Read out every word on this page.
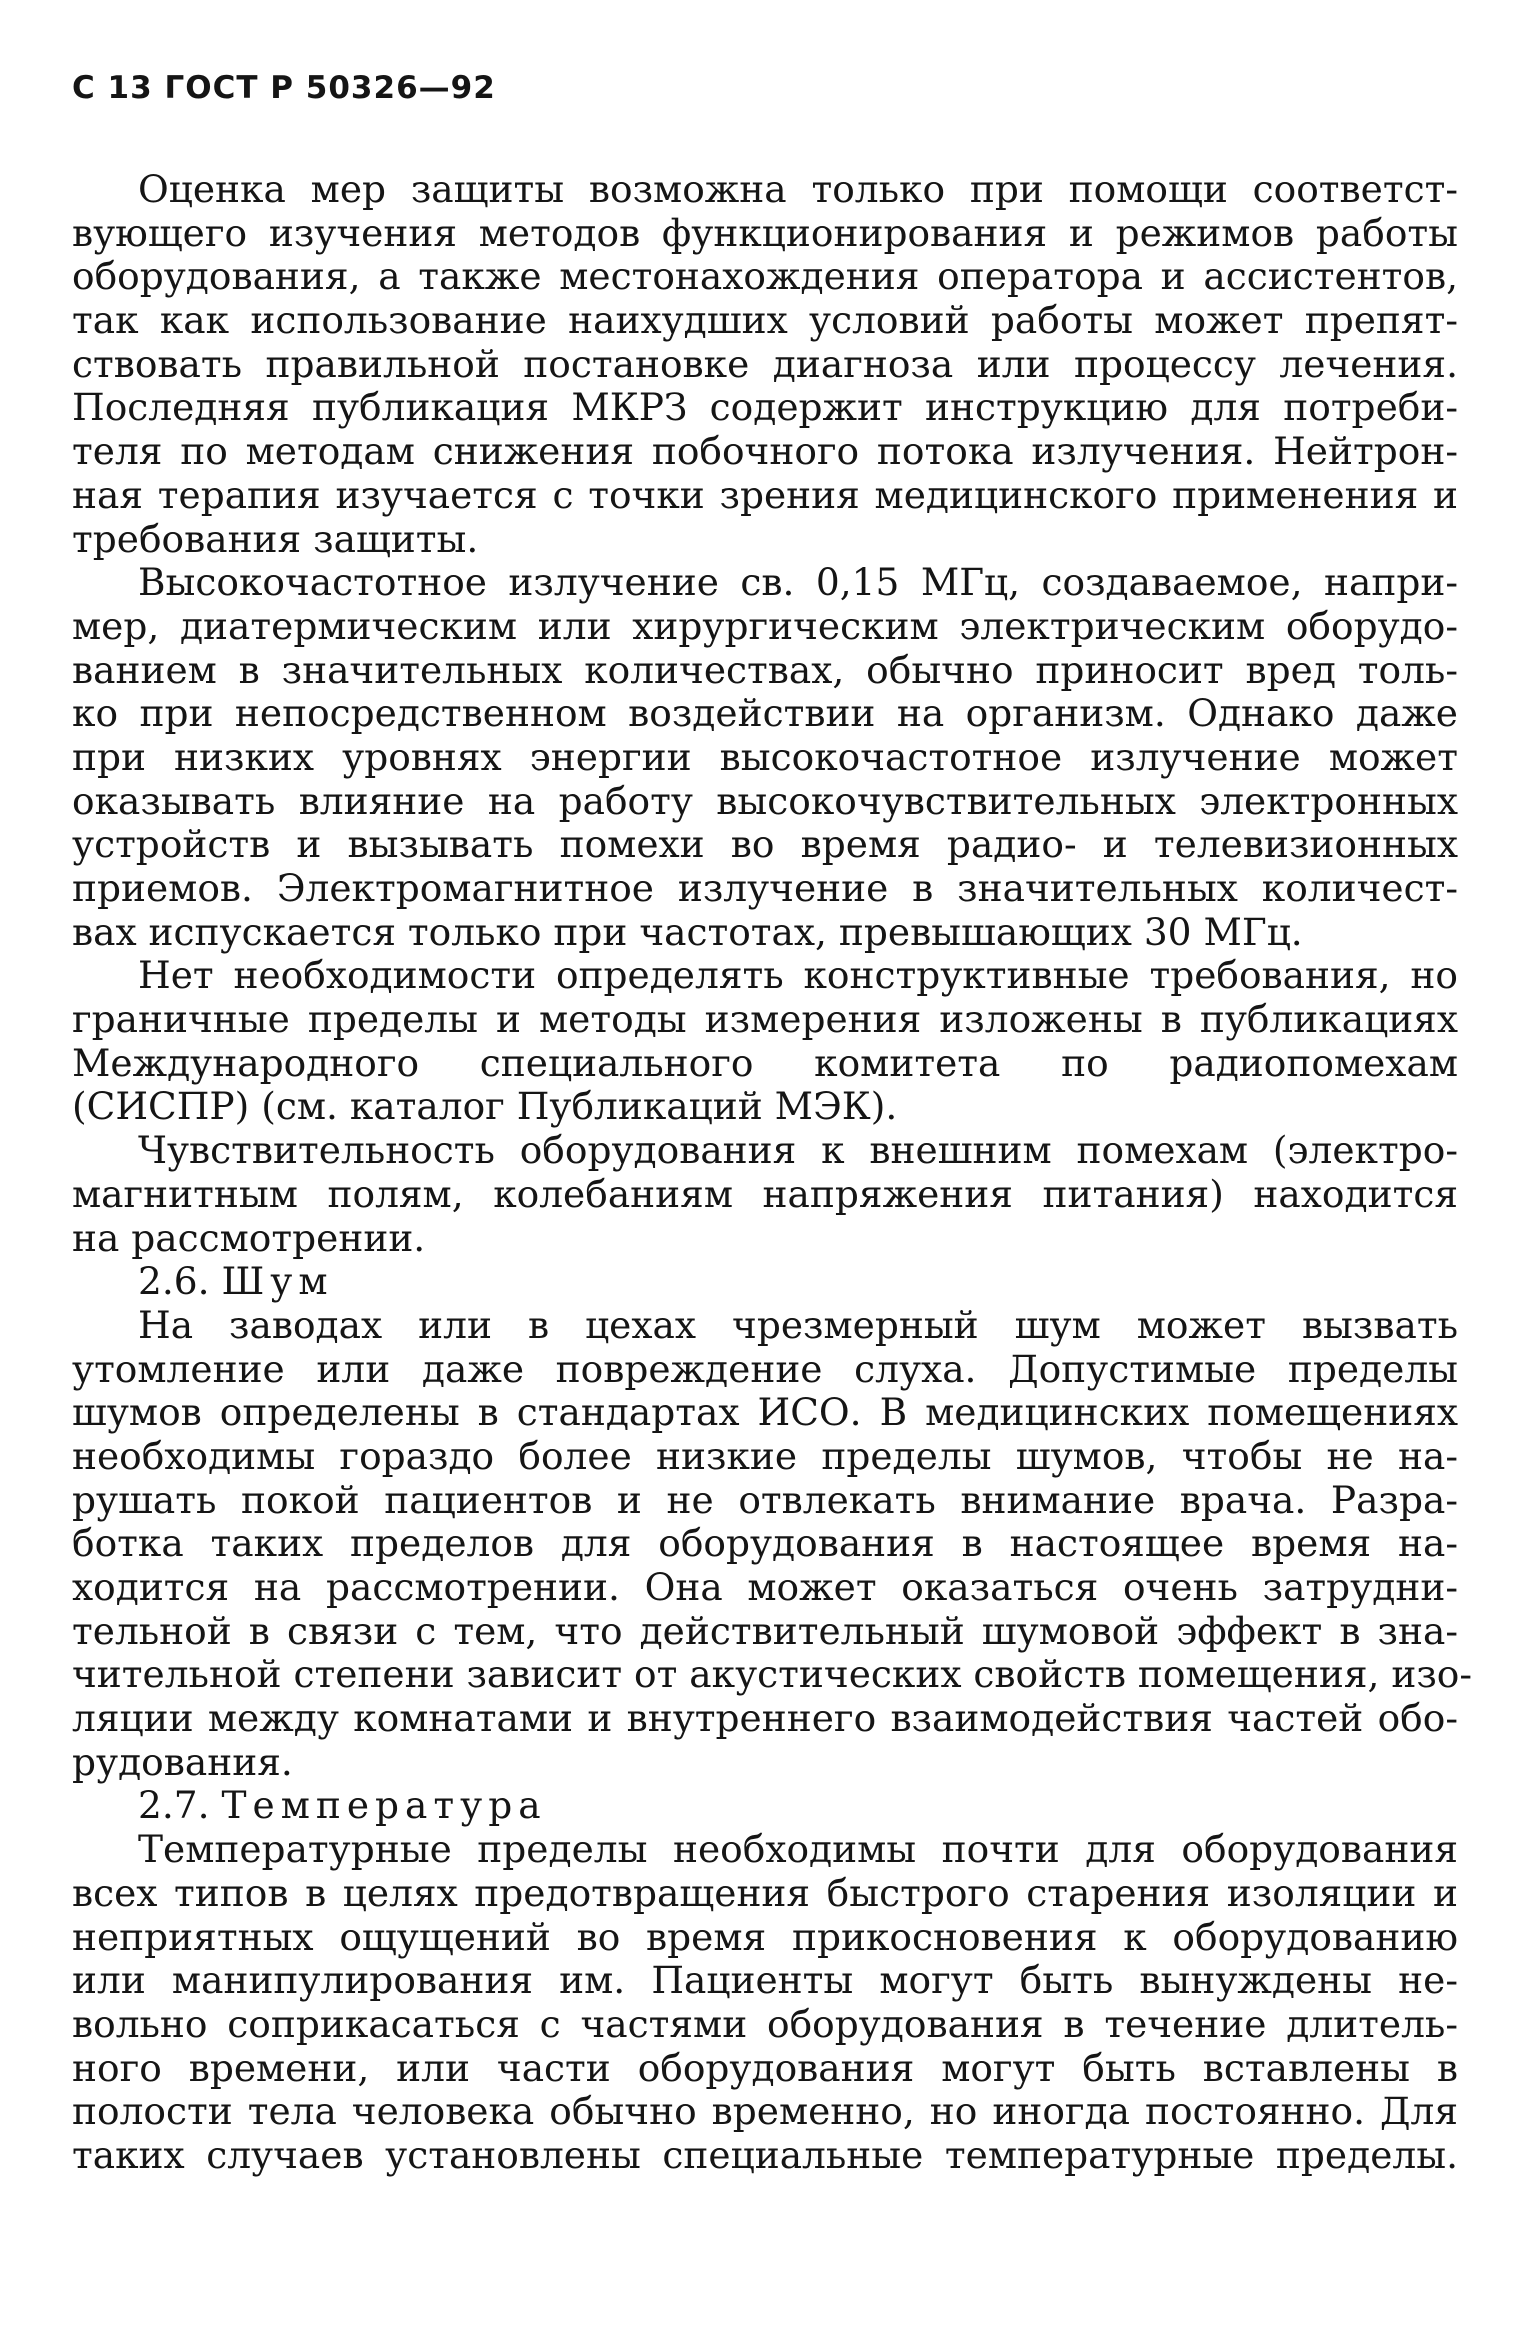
С 13 ГОСТ Р 50326—92
Оценка мер защиты возможна только при помощи соответст-
вующего изучения методов функционирования и режимов работы
оборудования, а также местонахождения оператора и ассистентов,
так как использование наихудших условий работы может препят-
ствовать правильной постановке диагноза или процессу лечения.
Последняя публикация МКРЗ содержит инструкцию для потреби-
теля по методам снижения побочного потока излучения. Нейтрон-
ная терапия изучается с точки зрения медицинского применения и
требования защиты.
Высокочастотное излучение св. 0,15 МГц, создаваемое, напри-
мер, диатермическим или хирургическим электрическим оборудо-
ванием в значительных количествах, обычно приносит вред толь-
ко при непосредственном воздействии на организм. Однако даже
при низких уровнях энергии высокочастотное излучение может
оказывать влияние на работу высокочувствительных электронных
устройств и вызывать помехи во время радио- и телевизионных
приемов. Электромагнитное излучение в значительных количест-
вах испускается только при частотах, превышающих 30 МГц.
Нет необходимости определять конструктивные требования, но
граничные пределы и методы измерения изложены в публикациях
Международного специального комитета по радиопомехам
(СИСПР) (см. каталог Публикаций МЭК).
Чувствительность оборудования к внешним помехам (электро-
магнитным полям, колебаниям напряжения питания) находится
на рассмотрении.
2.6. Шум
На заводах или в цехах чрезмерный шум может вызвать
утомление или даже повреждение слуха. Допустимые пределы
шумов определены в стандартах ИСО. В медицинских помещениях
необходимы гораздо более низкие пределы шумов, чтобы не на-
рушать покой пациентов и не отвлекать внимание врача. Разра-
ботка таких пределов для оборудования в настоящее время на-
ходится на рассмотрении. Она может оказаться очень затрудни-
тельной в связи с тем, что действительный шумовой эффект в зна-
чительной степени зависит от акустических свойств помещения, изо-
ляции между комнатами и внутреннего взаимодействия частей обо-
рудования.
2.7. Температура
Температурные пределы необходимы почти для оборудования
всех типов в целях предотвращения быстрого старения изоляции и
неприятных ощущений во время прикосновения к оборудованию
или манипулирования им. Пациенты могут быть вынуждены не-
вольно соприкасаться с частями оборудования в течение длитель-
ного времени, или части оборудования могут быть вставлены в
полости тела человека обычно временно, но иногда постоянно. Для
таких случаев установлены специальные температурные пределы.
